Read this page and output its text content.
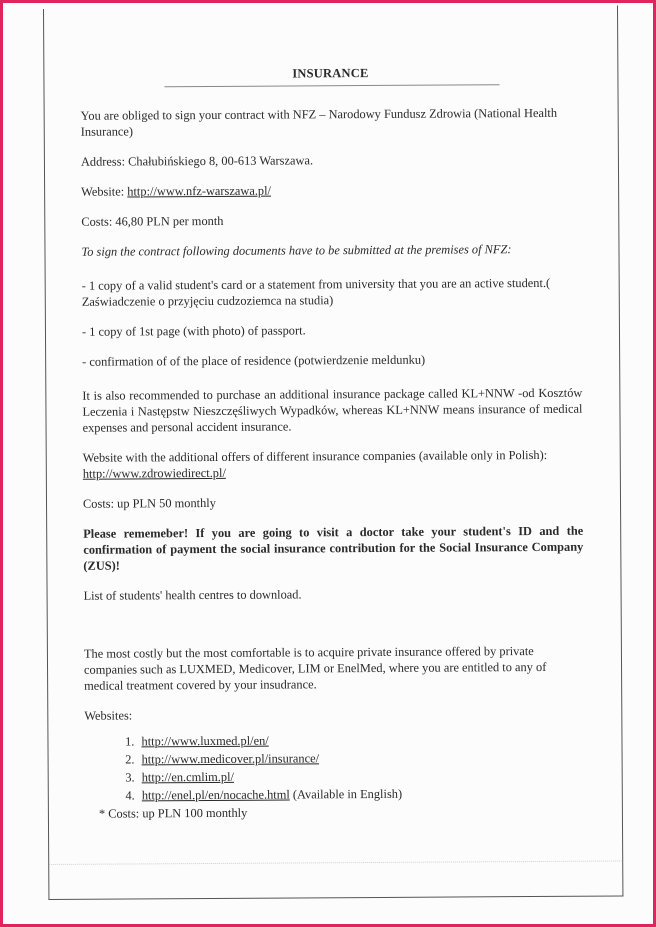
INSURANCE

You are obliged to sign your contract with NFZ – Narodowy Fundusz Zdrowia (National Health Insurance)

Address: Chałubińskiego 8, 00-613 Warszawa.

Website: http://www.nfz-warszawa.pl/

Costs: 46,80 PLN per month

To sign the contract following documents have to be submitted at the premises of NFZ:

- 1 copy of a valid student's card or a statement from university that you are an active student.( Zaświadczenie o przyjęciu cudzoziemca na studia)

- 1 copy of 1st page (with photo) of passport.

- confirmation of of the place of residence (potwierdzenie meldunku)

It is also recommended to purchase an additional insurance package called KL+NNW -od Kosztów Leczenia i Następstw Nieszczęśliwych Wypadków, whereas KL+NNW means insurance of medical expenses and personal accident insurance.

Website with the additional offers of different insurance companies (available only in Polish):

http://www.zdrowiedirect.pl/

Costs: up PLN 50 monthly

Please rememeber! If you are going to visit a doctor take your student's ID and the confirmation of payment the social insurance contribution for the Social Insurance Company (ZUS)!

List of students' health centres to download.

The most costly but the most comfortable is to acquire private insurance offered by private companies such as LUXMED, Medicover, LIM or EnelMed, where you are entitled to any of medical treatment covered by your insudrance.

Websites:

1. http://www.luxmed.pl/en/
2. http://www.medicover.pl/insurance/
3. http://en.cmlim.pl/
4. http://enel.pl/en/nocache.html (Available in English)

* Costs: up PLN 100 monthly
